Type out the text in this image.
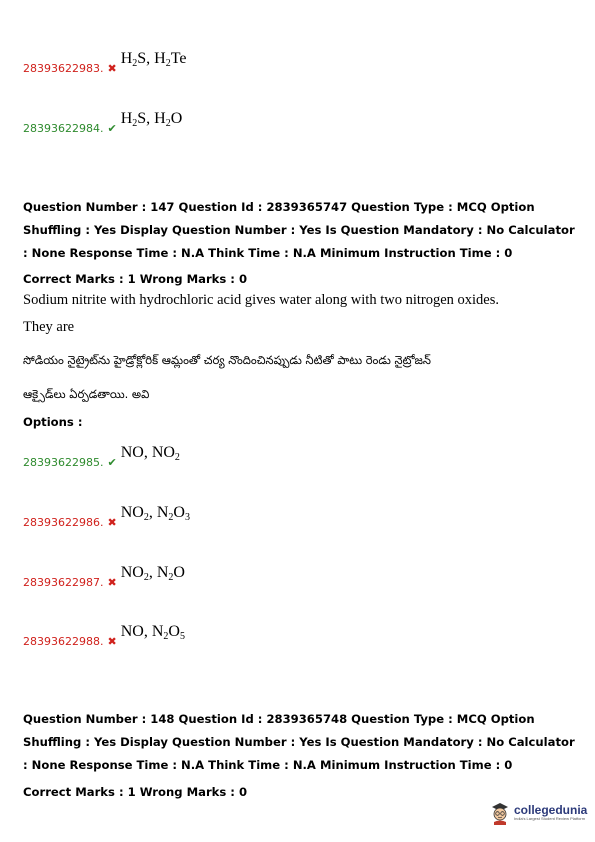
28393622983. ✖
$H_2S$, $H_2Te$
28393622984. ✔
$H_2S$, $H_2O$
Question Number : 147 Question Id : 2839365747 Question Type : MCQ Option Shuffling : Yes Display Question Number : Yes Is Question Mandatory : No Calculator : None Response Time : N.A Think Time : N.A Minimum Instruction Time : 0
Correct Marks : 1 Wrong Marks : 0
Sodium nitrite with hydrochloric acid gives water along with two nitrogen oxides.
They are
సోడియం నైట్రైట్‌ను హైడ్రోక్లోరిక్ ఆమ్లంతో చర్య నొందించినప్పుడు నీటితో పాటు రెండు నైట్రోజన్
ఆక్సైడ్‌లు ఏర్పడతాయి. అవి
Options :
28393622985. ✔
NO, $NO_2$
28393622986. ✖
$NO_2$, $N_2O_3$
28393622987. ✖
$NO_2$, $N_2O$
28393622988. ✖
NO, $N_2O_5$
Question Number : 148 Question Id : 2839365748 Question Type : MCQ Option Shuffling : Yes Display Question Number : Yes Is Question Mandatory : No Calculator : None Response Time : N.A Think Time : N.A Minimum Instruction Time : 0
Correct Marks : 1 Wrong Marks : 0
collegedunia
India's Largest Student Review Platform
